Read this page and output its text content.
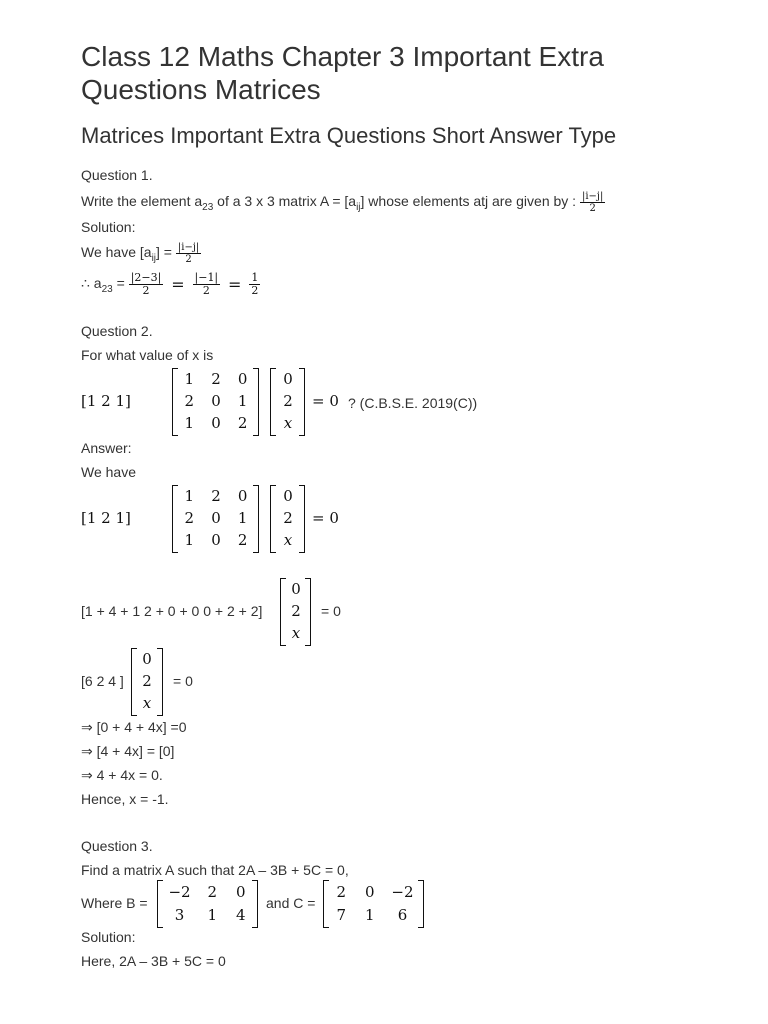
Class 12 Maths Chapter 3 Important Extra
Questions Matrices
Matrices Important Extra Questions Short Answer Type
Question 1.
Write the element $a_{23}$ of a 3 x 3 matrix $A = [a_{ij}]$ whose elements atj are given by : $\frac{|i-j|}{2}$
Solution:
We have $[a_{ij}] = \frac{|i-j|}{2}$
∴ $a_{23} = \frac{|2-3|}{2} = \frac{|-1|}{2} = \frac{1}{2}$
Question 2.
For what value of x is
[1 2 1]
1	2	0
2	0	1
1	0	2
0
2
x
= 0 ? (C.B.S.E. 2019(C))
Answer:
We have
[1 2 1]
1	2	0
2	0	1
1	0	2
0
2
x
= 0
[1 + 4 + 1 2 + 0 + 0 0 + 2 + 2]
0
2
x
= 0
[6 2 4 ]
0
2
x
= 0
⇒ [0 + 4 + 4x] =0
⇒ [4 + 4x] = [0]
⇒ 4 + 4x = 0.
Hence, x = -1.
Question 3.
Find a matrix A such that 2A – 3B + 5C = 0,
Where B =
−2	2	0
3	1	4
and C =
2	0	−2
7	1	6
Solution:
Here, 2A – 3B + 5C = 0
